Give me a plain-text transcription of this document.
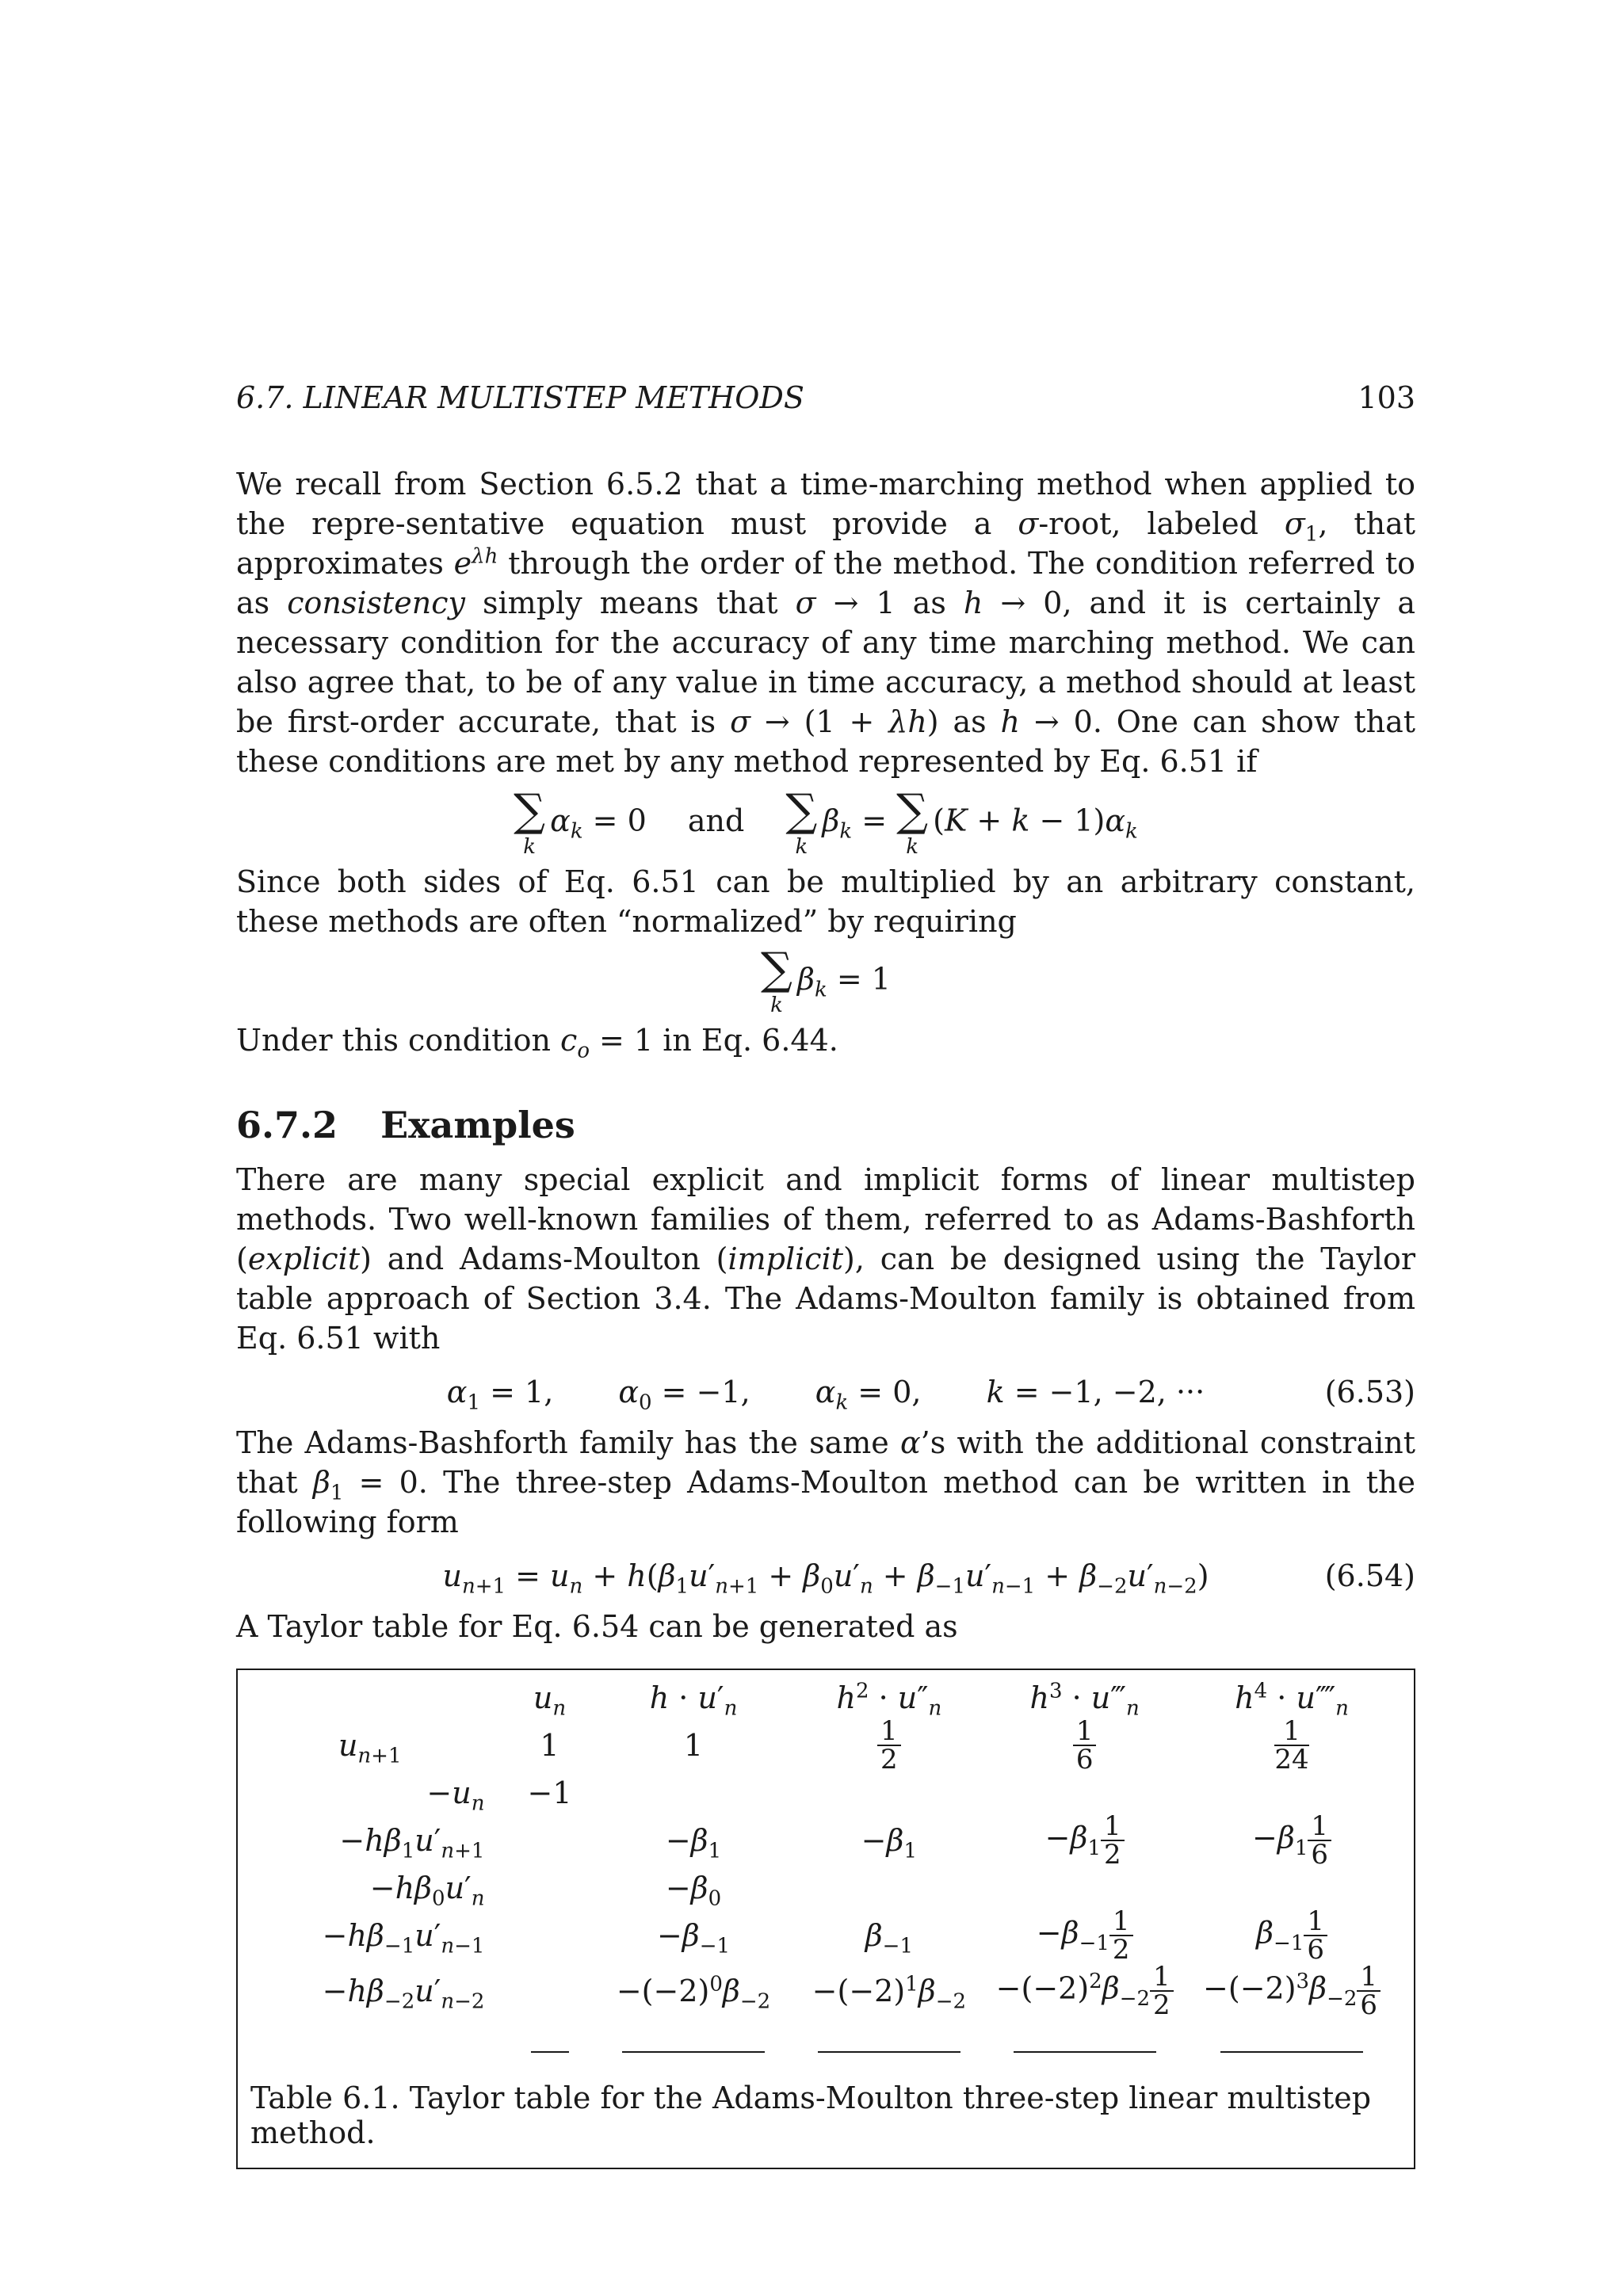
6.7. LINEAR MULTISTEP METHODS	103

We recall from Section 6.5.2 that a time-marching method when applied to the repre-sentative equation must provide a σ-root, labeled $\sigma_1$, that approximates $e^{\lambda h}$ through the order of the method. The condition referred to as consistency simply means that σ → 1 as h → 0, and it is certainly a necessary condition for the accuracy of any time marching method. We can also agree that, to be of any value in time accuracy, a method should at least be first-order accurate, that is σ → (1 + λh) as h → 0. One can show that these conditions are met by any method represented by Eq. 6.51 if

∑
k
$\alpha_k = 0$ and ∑
k
$\beta_k$ = ∑
k
$(K + k - 1)\alpha_k$

Since both sides of Eq. 6.51 can be multiplied by an arbitrary constant, these methods are often “normalized” by requiring

∑
k
$\beta_k = 1$

Under this condition $c_o = 1$ in Eq. 6.44.

6.7.2 Examples

There are many special explicit and implicit forms of linear multistep methods. Two well-known families of them, referred to as Adams-Bashforth (explicit) and Adams-Moulton (implicit), can be designed using the Taylor table approach of Section 3.4. The Adams-Moulton family is obtained from Eq. 6.51 with

$\alpha_1 = 1$, $\alpha_0 = -1$, $\alpha_k = 0$, k = −1, −2, ···	(6.53)

The Adams-Bashforth family has the same α’s with the additional constraint that $\beta_1 = 0$. The three-step Adams-Moulton method can be written in the following form

$u_{n+1} = u_n + h(\beta_1u'_{n+1} + \beta_0u'_n + \beta_{-1}u'_{n-1} + \beta_{-2}u'_{n-2})$	(6.54)

A Taylor table for Eq. 6.54 can be generated as

	$u_n$	$h \cdot u'_n$	$h^2 \cdot u''_n$	$h^3$ · $u‴_n$	$h^4$ · $u⁗_n$
$u_{n+1}$	1	1	$\frac{1}{2}$	$\frac{1}{6}$	$\frac{1}{24}$

$-u_n$	−1				
$-h\beta_1u'_{n+1}$		$-\beta_1$	$-\beta_1$	$-\beta_1 \frac{1}{2}$	$-\beta_1 \frac{1}{6}$

$-h\beta_0u'_n$		$-\beta_0$			
$-h\beta_{-1}u'_{n-1}$		$-\beta_{-1}$	$\beta_{-1}$	$-\beta_{-1} \frac{1}{2}$	$\beta_{-1} \frac{1}{6}$

$-h\beta_{-2}u'_{n-2}$		$-(-2)^0\beta_{-2}$	$-(-2)^1\beta_{-2}$	$-(-2)^2\beta_{-2} \frac{1}{2}$	$-(-2)^3\beta_{-2} \frac{1}{6}$

Table 6.1. Taylor table for the Adams-Moulton three-step linear multistep method.
